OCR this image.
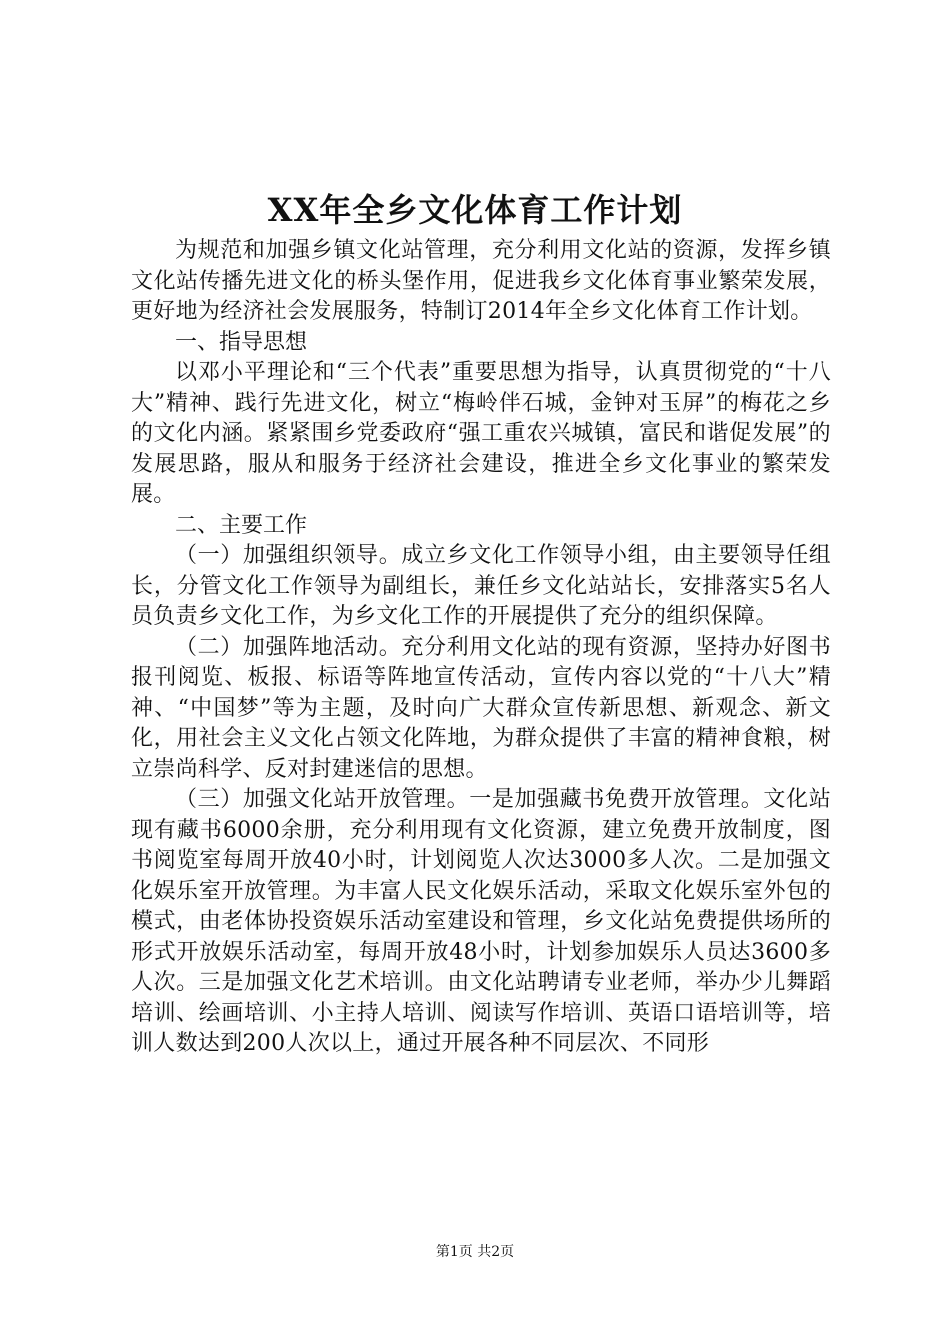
XX年全乡文化体育工作计划

为规范和加强乡镇文化站管理，充分利用文化站的资源，发挥乡镇文化站传播先进文化的桥头堡作用，促进我乡文化体育事业繁荣发展，更好地为经济社会发展服务，特制订2014年全乡文化体育工作计划。

一、指导思想

以邓小平理论和“三个代表”重要思想为指导，认真贯彻党的“十八大”精神、践行先进文化，树立“梅岭伴石城，金钟对玉屏”的梅花之乡的文化内涵。紧紧围乡党委政府“强工重农兴城镇，富民和谐促发展”的发展思路，服从和服务于经济社会建设，推进全乡文化事业的繁荣发展。

二、主要工作

（一）加强组织领导。成立乡文化工作领导小组，由主要领导任组长，分管文化工作领导为副组长，兼任乡文化站站长，安排落实5名人员负责乡文化工作，为乡文化工作的开展提供了充分的组织保障。

（二）加强阵地活动。充分利用文化站的现有资源，坚持办好图书报刊阅览、板报、标语等阵地宣传活动，宣传内容以党的“十八大”精神、“中国梦”等为主题，及时向广大群众宣传新思想、新观念、新文化，用社会主义文化占领文化阵地，为群众提供了丰富的精神食粮，树立崇尚科学、反对封建迷信的思想。

（三）加强文化站开放管理。一是加强藏书免费开放管理。文化站现有藏书6000余册，充分利用现有文化资源，建立免费开放制度，图书阅览室每周开放40小时，计划阅览人次达3000多人次。二是加强文化娱乐室开放管理。为丰富人民文化娱乐活动，采取文化娱乐室外包的模式，由老体协投资娱乐活动室建设和管理，乡文化站免费提供场所的形式开放娱乐活动室，每周开放48小时，计划参加娱乐人员达3600多人次。三是加强文化艺术培训。由文化站聘请专业老师，举办少儿舞蹈培训、绘画培训、小主持人培训、阅读写作培训、英语口语培训等，培训人数达到200人次以上，通过开展各种不同层次、不同形

第1页 共2页
